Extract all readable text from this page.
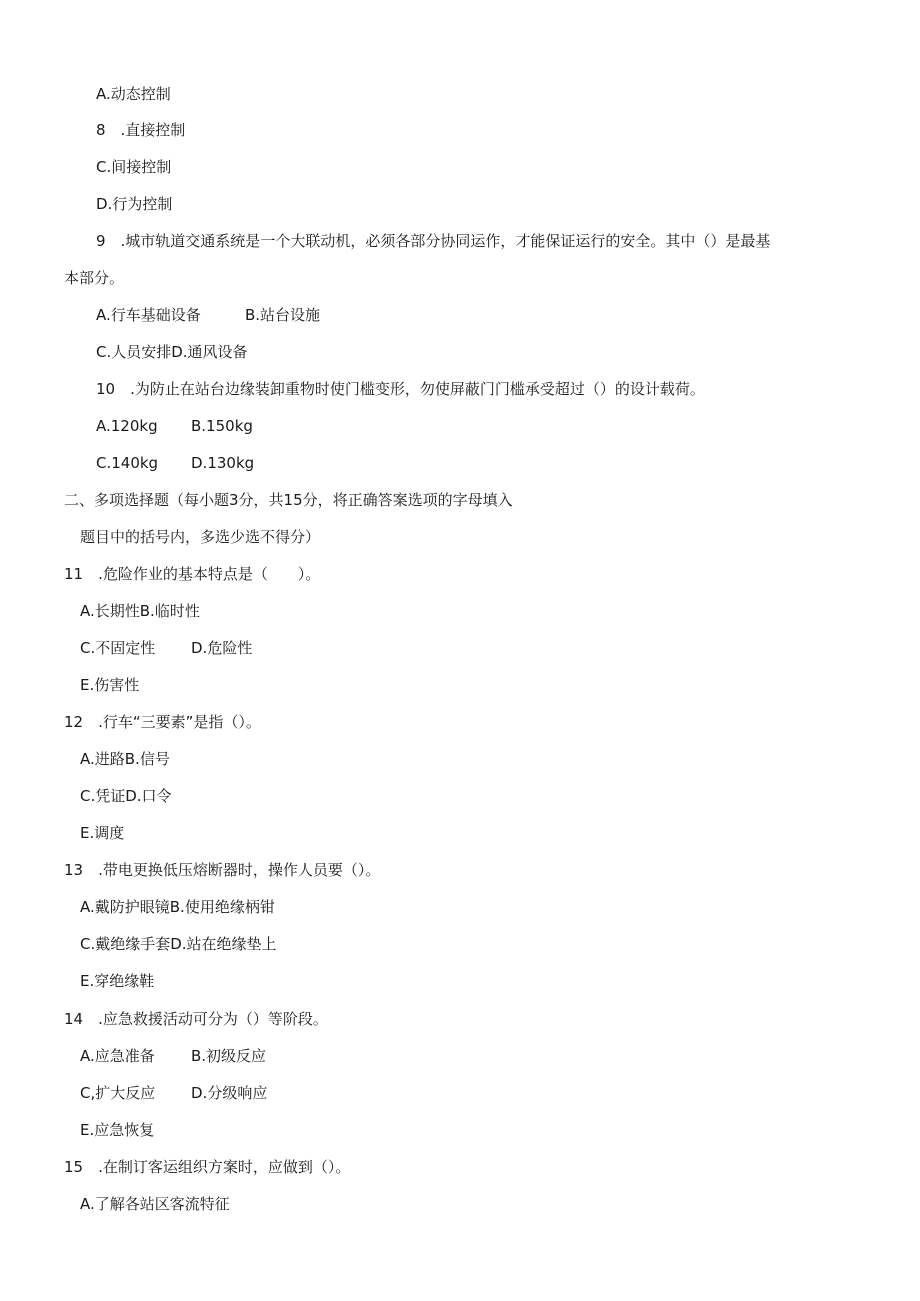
A.动态控制
8　.直接控制
C.间接控制
D.行为控制
9　.城市轨道交通系统是一个大联动机，必须各部分协同运作，才能保证运行的安全。其中（）是最基
本部分。
A.行车基础设备	B.站台设施
C.人员安排D.通风设备
10　.为防止在站台边缘装卸重物时使门槛变形，勿使屏蔽门门槛承受超过（）的设计载荷。
A.120kg B.150kg
C.140kg D.130kg
二、多项选择题（每小题3分，共15分，将正确答案选项的字母填入
题目中的括号内，多选少选不得分）
11　.危险作业的基本特点是（　　）。
A.长期性B.临时性
C.不固定性 D.危险性
E.伤害性
12　.行车“三要素”是指（）。
A.进路B.信号
C.凭证D.口令
E.调度
13　.带电更换低压熔断器时，操作人员要（）。
A.戴防护眼镜B.使用绝缘柄钳
C.戴绝缘手套D.站在绝缘垫上
E.穿绝缘鞋
14　.应急救援活动可分为（）等阶段。
A.应急准备 B.初级反应
C,扩大反应 D.分级响应
E.应急恢复
15　.在制订客运组织方案时，应做到（）。
A.了解各站区客流特征
